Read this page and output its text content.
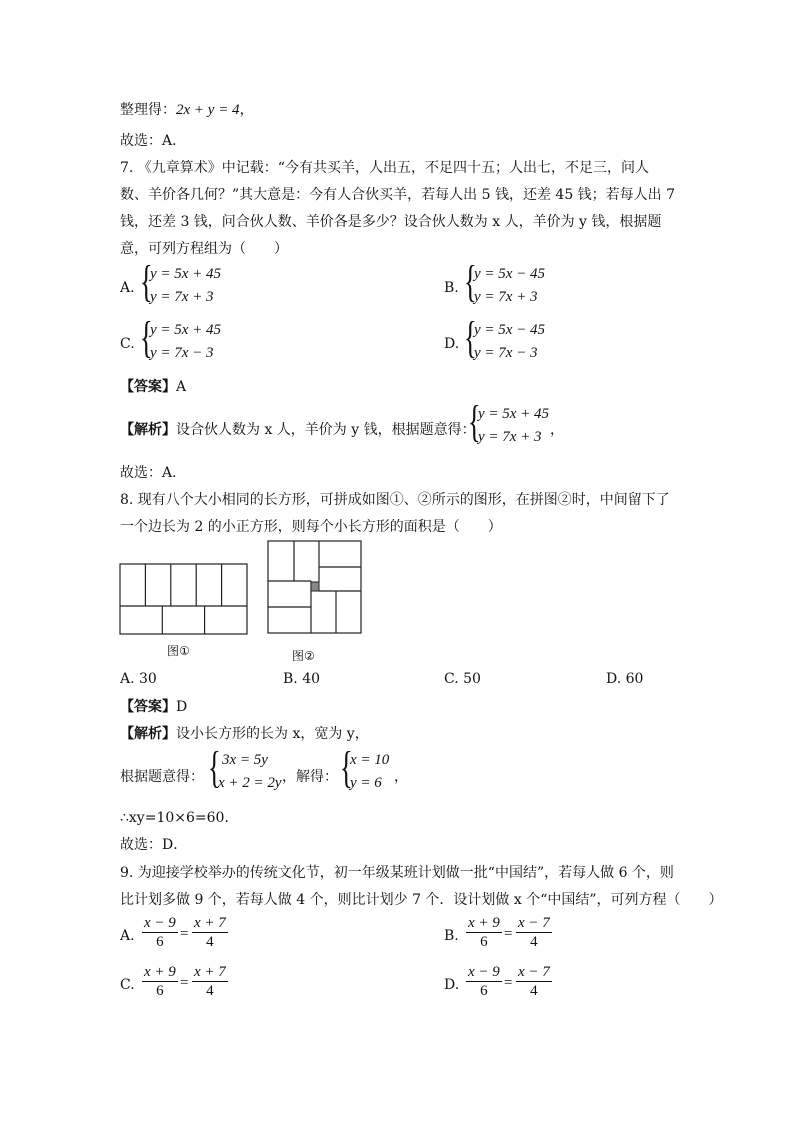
整理得：2x + y = 4，
故选：A．
7. 《九章算术》中记载：“今有共买羊，人出五，不足四十五；人出七，不足三，问人
数、羊价各几何？”其大意是：今有人合伙买羊，若每人出 5 钱，还差 45 钱；若每人出 7
钱，还差 3 钱，问合伙人数、羊价各是多少？设合伙人数为 x 人，羊价为 y 钱，根据题
意，可列方程组为（　　）
A. {
y = 5x + 45
y = 7x + 3
B. {
y = 5x − 45
y = 7x + 3
C. {
y = 5x + 45
y = 7x − 3
D. {
y = 5x − 45
y = 7x − 3
【答案】A
【解析】设合伙人数为 x 人，羊价为 y 钱，根据题意得：
{
y = 5x + 45
y = 7x + 3 ，
故选：A．
8. 现有八个大小相同的长方形，可拼成如图①、②所示的图形，在拼图②时，中间留下了
一个边长为 2 的小正方形，则每个小长方形的面积是（　　）
图①	图②
A. 30	B. 40	C. 50	D. 60
【答案】D
【解析】设小长方形的长为 x，宽为 y，
根据题意得： { 3x = 5y
x + 2 = 2y ，解得： {
x = 10
y = 6 ，
∴xy=10×6=60．
故选：D．
9. 为迎接学校举办的传统文化节，初一年级某班计划做一批“中国结”，若每人做 6 个，则
比计划多做 9 个，若每人做 4 个，则比计划少 7 个．设计划做 x 个“中国结”，可列方程（　　）
A. $\frac{x - 9}{6} = \frac{x + 7}{4}$	B. $\frac{x + 9}{6} = \frac{x - 7}{4}$
C. $\frac{x + 9}{6} = \frac{x + 7}{4}$	D. $\frac{x - 9}{6} = \frac{x - 7}{4}$
